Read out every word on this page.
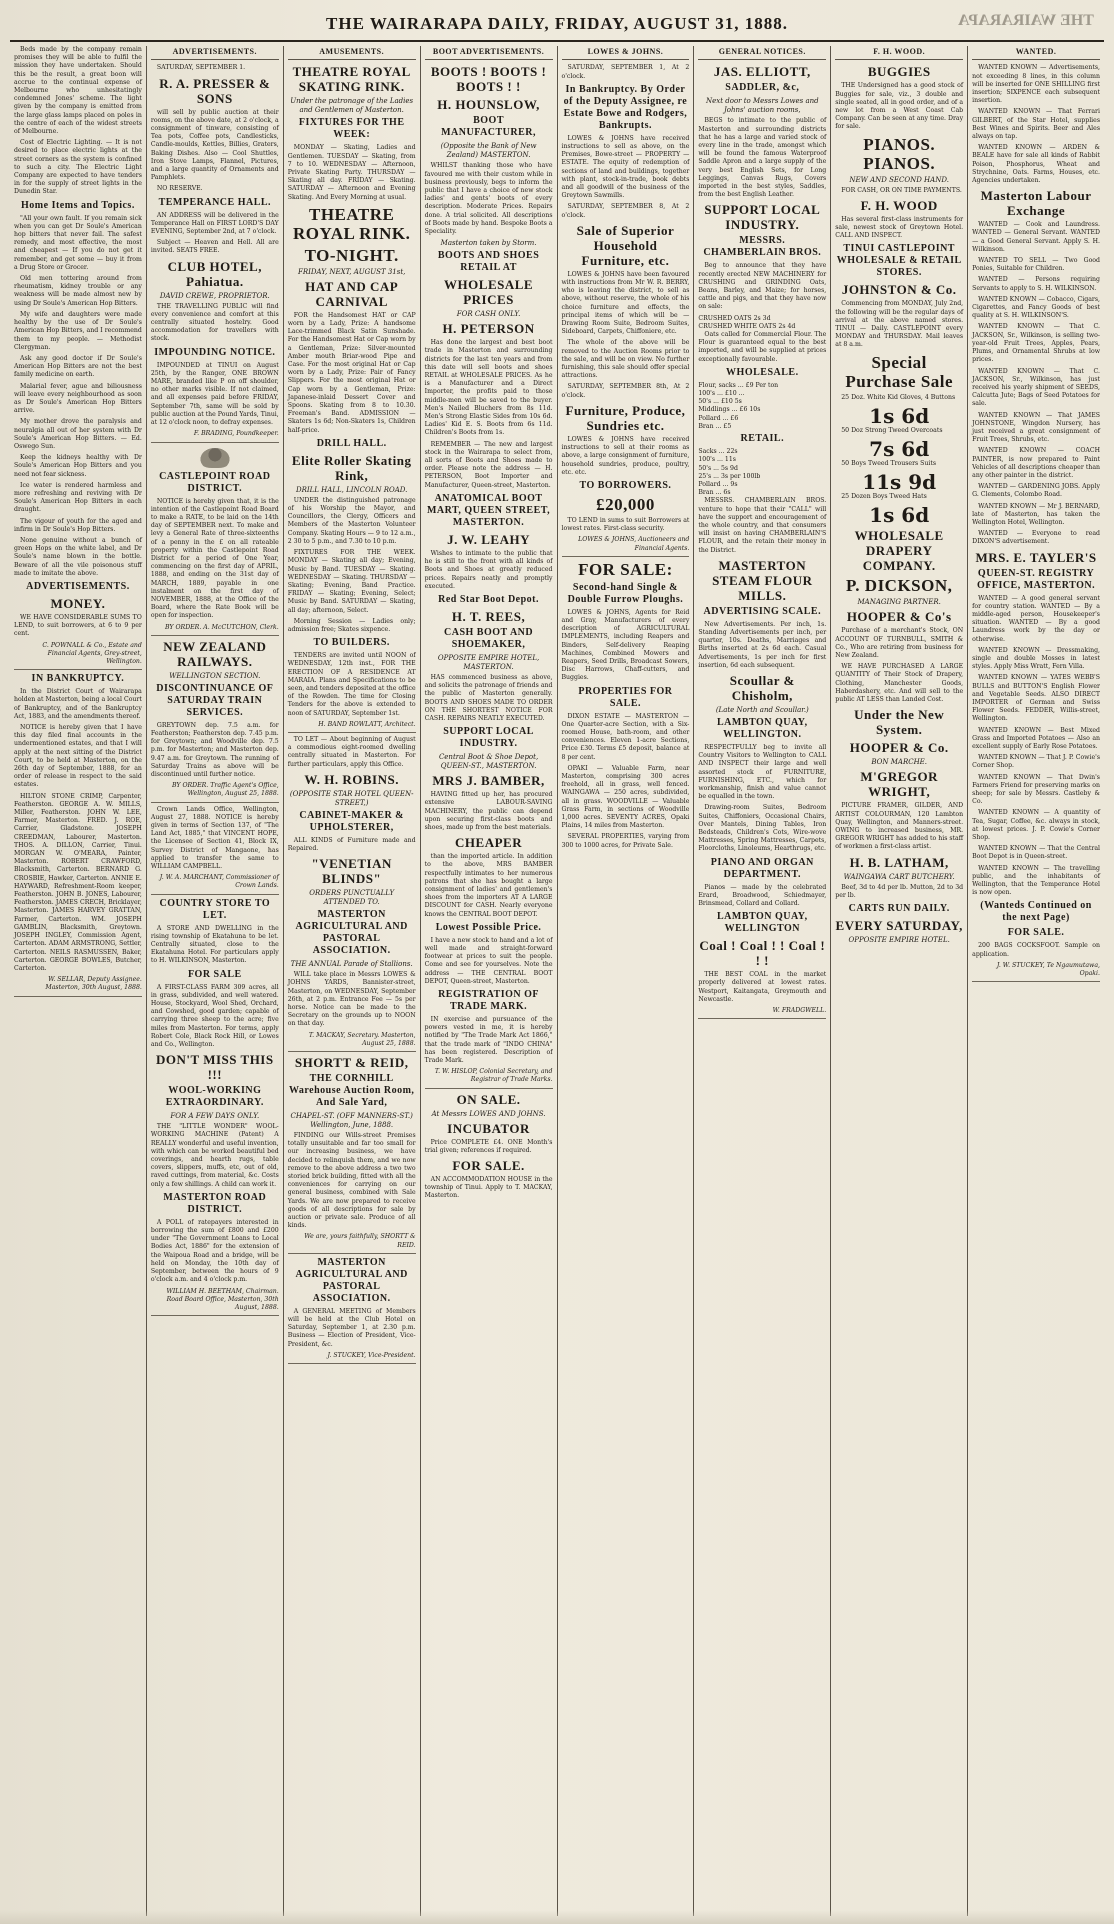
THE WAIRARAPA DAILY, FRIDAY, AUGUST 31, 1888.	THE WAIRARAPA
Beds made by the company remain promises they will be able to fulfil the mission they have undertaken. Should this be the result, a great boon will accrue to the continual expense of Melbourne who unhesitatingly condemned Jones' scheme. The light given by the company is emitted from the large glass lamps placed on poles in the centre of each of the widest streets of Melbourne.
Cost of Electric Lighting. — It is not desired to place electric lights at the street corners as the system is confined to such a city. The Electric Light Company are expected to have tenders in for the supply of street lights in the Dunedin Star.
Home Items and Topics.
"All your own fault. If you remain sick when you can get Dr Soule's American hop bitters that never fail. The safest remedy, and most effective, the most and cheapest — If you do not get it remember, and get some — buy it from a Drug Store or Grocer.
Old men tottering around from rheumatism, kidney trouble or any weakness will be made almost new by using Dr Soule's American Hop Bitters.
My wife and daughters were made healthy by the use of Dr Soule's American Hop Bitters, and I recommend them to my people. — Methodist Clergyman.
Ask any good doctor if Dr Soule's American Hop Bitters are not the best family medicine on earth.
Malarial fever, ague and biliousness will leave every neighbourhood as soon as Dr Soule's American Hop Bitters arrive.
My mother drove the paralysis and neuralgia all out of her system with Dr Soule's American Hop Bitters. — Ed. Oswego Sun.
Keep the kidneys healthy with Dr Soule's American Hop Bitters and you need not fear sickness.
Ice water is rendered harmless and more refreshing and reviving with Dr Soule's American Hop Bitters in each draught.
The vigour of youth for the aged and infirm in Dr Soule's Hop Bitters.
None genuine without a bunch of green Hops on the white label, and Dr Soule's name blown in the bottle. Beware of all the vile poisonous stuff made to imitate the above.
ADVERTISEMENTS.
MONEY.
WE HAVE CONSIDERABLE SUMS TO LEND, to suit borrowers, at 6 to 9 per cent.
C. POWNALL & Co., Estate and Financial Agents, Grey-street, Wellington.
IN BANKRUPTCY.
In the District Court of Wairarapa holden at Masterton, being a local Court of Bankruptcy, and of the Bankruptcy Act, 1883, and the amendments thereof.
NOTICE is hereby given that I have this day filed final accounts in the undermentioned estates, and that I will apply at the next sitting of the District Court, to be held at Masterton, on the 26th day of September, 1888, for an order of release in respect to the said estates.
HILTON STONE CRIMP, Carpenter, Featherston. GEORGE A. W. MILLS, Miller, Featherston. JOHN W. LEE, Farmer, Masterton. FRED. J. ROE, Carrier, Gladstone. JOSEPH CREEDMAN, Labourer, Masterton. THOS. A. DILLON, Carrier, Tinui. MORGAN W. O'MEARA, Painter, Masterton. ROBERT CRAWFORD, Blacksmith, Carterton. BERNARD G. CROSBIE, Hawker, Carterton. ANNIE E. HAYWARD, Refreshment-Room keeper, Featherston. JOHN B. JONES, Labourer, Featherston. JAMES CRECH, Bricklayer, Masterton. JAMES HARVEY GRATTAN, Farmer, Carterton. WM. JOSEPH GAMBLIN, Blacksmith, Greytown. JOSEPH INGLEY, Commission Agent, Carterton. ADAM ARMSTRONG, Settler, Carterton. NEILS RASMUSSEN, Baker, Carterton. GEORGE BOWLES, Butcher, Carterton.
W. SELLAR, Deputy Assignee. Masterton, 30th August, 1888.
ADVERTISEMENTS.
SATURDAY, SEPTEMBER 1.
R. A. PRESSER & SONS
will sell by public auction at their rooms, on the above date, at 2 o'clock, a consignment of tinware, consisting of Tea pots, Coffee pots, Candlesticks, Candle-moulds, Kettles, Billies, Graters, Baking Dishes. Also — Cool Shuttles, Iron Stove Lamps, Flannel, Pictures, and a large quantity of Ornaments and Pamphlets.
NO RESERVE.
TEMPERANCE HALL.
AN ADDRESS will be delivered in the Temperance Hall on FIRST LORD'S DAY EVENING, September 2nd, at 7 o'clock.
Subject — Heaven and Hell. All are invited. SEATS FREE.
CLUB HOTEL, Pahiatua.
DAVID CREWE, PROPRIETOR.
THE TRAVELLING PUBLIC will find every convenience and comfort at this centrally situated hostelry. Good accommodation for travellers with stock.
IMPOUNDING NOTICE.
IMPOUNDED at TINUI on August 25th, by the Ranger, ONE BROWN MARE, branded like P on off shoulder, no other marks visible. If not claimed, and all expenses paid before FRIDAY, September 7th, same will be sold by public auction at the Pound Yards, Tinui, at 12 o'clock noon, to defray expenses.
F. BRADING, Poundkeeper.
CASTLEPOINT ROAD DISTRICT.
NOTICE is hereby given that, it is the intention of the Castlepoint Road Board to make a RATE, to be laid on the 14th day of SEPTEMBER next. To make and levy a General Rate of three-sixteenths of a penny in the £ on all rateable property within the Castlepoint Road District for a period of One Year, commencing on the first day of APRIL, 1888, and ending on the 31st day of MARCH, 1889, payable in one instalment on the first day of NOVEMBER, 1888, at the Office of the Board, where the Rate Book will be open for inspection.
BY ORDER. A. McCUTCHON, Clerk.
NEW ZEALAND RAILWAYS.
WELLINGTON SECTION.
DISCONTINUANCE OF SATURDAY TRAIN SERVICES.
GREYTOWN dep. 7.5 a.m. for Featherston; Featherston dep. 7.45 p.m. for Greytown; and Woodville dep. 7.5 p.m. for Masterton; and Masterton dep. 9.47 a.m. for Greytown. The running of Saturday Trains as above will be discontinued until further notice.
BY ORDER. Traffic Agent's Office, Wellington, August 25, 1888.
Crown Lands Office, Wellington, August 27, 1888. NOTICE is hereby given in terms of Section 137, of "The Land Act, 1885," that VINCENT HOPE, the Licensee of Section 41, Block IX, Survey District of Mangaone, has applied to transfer the same to WILLIAM CAMPBELL.
J. W. A. MARCHANT, Commissioner of Crown Lands.
COUNTRY STORE TO LET.
A STORE AND DWELLING in the rising township of Ekatahuna to be let. Centrally situated, close to the Ekatahuna Hotel. For particulars apply to H. WILKINSON, Masterton.
FOR SALE
A FIRST-CLASS FARM 309 acres, all in grass, subdivided, and well watered. House, Stockyard, Wool Shed, Orchard, and Cowshed, good garden; capable of carrying three sheep to the acre; five miles from Masterton. For terms, apply Robert Cole, Black Rock Hill, or Lowes and Co., Wellington.
DON'T MISS THIS !!!
WOOL-WORKING EXTRAORDINARY.
FOR A FEW DAYS ONLY.
THE "LITTLE WONDER" WOOL-WORKING MACHINE (Patent) A REALLY wonderful and useful invention, with which can be worked beautiful bed coverings, and hearth rugs, table covers, slippers, muffs, etc, out of old, raved cuttings, from material, &c. Costs only a few shillings. A child can work it.
MASTERTON ROAD DISTRICT.
A POLL of ratepayers interested in borrowing the sum of £800 and £200 under "The Government Loans to Local Bodies Act, 1886" for the extension of the Waipoua Road and a bridge, will be held on Monday, the 10th day of September, between the hours of 9 o'clock a.m. and 4 o'clock p.m.
WILLIAM H. BEETHAM, Chairman. Road Board Office, Masterton, 30th August, 1888.
AMUSEMENTS.
THEATRE ROYAL SKATING RINK.
Under the patronage of the Ladies and Gentlemen of Masterton.
FIXTURES FOR THE WEEK:
MONDAY — Skating, Ladies and Gentlemen. TUESDAY — Skating, from 7 to 10. WEDNESDAY — Afternoon, Private Skating Party. THURSDAY — Skating all day. FRIDAY — Skating. SATURDAY — Afternoon and Evening Skating. And Every Morning at usual.
THEATRE ROYAL RINK.
TO-NIGHT.
FRIDAY, NEXT, AUGUST 31st,
HAT AND CAP CARNIVAL
FOR the Handsomest HAT or CAP worn by a Lady, Prize: A handsome Lace-trimmed Black Satin Sunshade. For the Handsomest Hat or Cap worn by a Gentleman, Prize: Silver-mounted Amber mouth Briar-wood Pipe and Case. For the most original Hat or Cap worn by a Lady, Prize: Pair of Fancy Slippers. For the most original Hat or Cap worn by a Gentleman, Prize: Japanese-inlaid Dessert Cover and Spoons. Skating from 8 to 10.30. Freeman's Band. ADMISSION — Skaters 1s 6d; Non-Skaters 1s, Children half-price.
DRILL HALL.
Elite Roller Skating Rink,
DRILL HALL, LINCOLN ROAD.
UNDER the distinguished patronage of his Worship the Mayor, and Councillors, the Clergy, Officers and Members of the Masterton Volunteer Company. Skating Hours — 9 to 12 a.m., 2 30 to 5 p.m., and 7.30 to 10 p.m.
FIXTURES FOR THE WEEK. MONDAY — Skating all day; Evening, Music by Band. TUESDAY — Skating. WEDNESDAY — Skating. THURSDAY — Skating; Evening, Band Practice. FRIDAY — Skating; Evening, Select; Music by Band. SATURDAY — Skating, all day; afternoon, Select.
Morning Session — Ladies only; admission free; Skates sixpence.
TO BUILDERS.
TENDERS are invited until NOON of WEDNESDAY, 12th inst., FOR THE ERECTION OF A RESIDENCE AT MARAIA. Plans and Specifications to be seen, and tenders deposited at the office of the Rowden. The time for Closing Tenders for the above is extended to noon of SATURDAY, September 1st.
H. BAND ROWLATT, Architect.
TO LET — About beginning of August a commodious eight-roomed dwelling centrally situated in Masterton. For further particulars, apply this Office.
W. H. ROBINS.
(OPPOSITE STAR HOTEL QUEEN-STREET,)
CABINET-MAKER & UPHOLSTERER,
ALL KINDS of Furniture made and Repaired.
"VENETIAN BLINDS"
ORDERS PUNCTUALLY ATTENDED TO.
MASTERTON AGRICULTURAL AND PASTORAL ASSOCIATION.
THE ANNUAL Parade of Stallions.
WILL take place in Messrs LOWES & JOHNS YARDS, Bannister-street, Masterton, on WEDNESDAY, September 26th, at 2 p.m. Entrance Fee — 5s per horse. Notice can be made to the Secretary on the grounds up to NOON on that day.
T. MACKAY, Secretary. Masterton, August 25, 1888.
SHORTT & REID,
THE CORNHILL Warehouse Auction Room, And Sale Yard,
CHAPEL-ST. (OFF MANNERS-ST.) Wellington, June, 1888.
FINDING our Wills-street Premises totally unsuitable and far too small for our increasing business, we have decided to relinquish them, and we now remove to the above address a two two storied brick building, fitted with all the conveniences for carrying on our general business, combined with Sale Yards. We are now prepared to receive goods of all descriptions for sale by auction or private sale. Produce of all kinds.
We are, yours faithfully, SHORTT & REID.
MASTERTON AGRICULTURAL AND PASTORAL ASSOCIATION.
A GENERAL MEETING of Members will be held at the Club Hotel on Saturday, September 1, at 2.30 p.m. Business — Election of President, Vice-President, &c.
J. STUCKEY, Vice-President.
BOOT ADVERTISEMENTS.
BOOTS ! BOOTS ! BOOTS ! !
H. HOUNSLOW,
BOOT MANUFACTURER,
(Opposite the Bank of New Zealand) MASTERTON.
WHILST thanking those who have favoured me with their custom while in business previously, begs to inform the public that I have a choice of new stock ladies' and gents' boots of every description. Moderate Prices. Repairs done. A trial solicited. All descriptions of Boots made by hand. Bespoke Boots a Speciality.
Masterton taken by Storm.
BOOTS AND SHOES RETAIL AT
WHOLESALE PRICES
FOR CASH ONLY.
H. PETERSON
Has done the largest and best boot trade in Masterton and surrounding districts for the last ten years and from this date will sell boots and shoes RETAIL at WHOLESALE PRICES. As he is a Manufacturer and a Direct Importer, the profits paid to those middle-men will be saved to the buyer. Men's Nailed Bluchers from 8s 11d. Men's Strong Elastic Sides from 10s 6d. Ladies' Kid E. S. Boots from 6s 11d. Children's Boots from 1s.
REMEMBER — The new and largest stock in the Wairarapa to select from, all sorts of Boots and Shoes made to order. Please note the address — H. PETERSON, Boot Importer and Manufacturer, Queen-street, Masterton.
ANATOMICAL BOOT MART, QUEEN STREET, MASTERTON.
J. W. LEAHY
Wishes to intimate to the public that he is still to the front with all kinds of Boots and Shoes at greatly reduced prices. Repairs neatly and promptly executed.
Red Star Boot Depot.
H. T. REES,
CASH BOOT AND SHOEMAKER,
OPPOSITE EMPIRE HOTEL, MASTERTON.
HAS commenced business as above, and solicits the patronage of friends and the public of Masterton generally. BOOTS AND SHOES MADE TO ORDER ON THE SHORTEST NOTICE FOR CASH. REPAIRS NEATLY EXECUTED.
SUPPORT LOCAL INDUSTRY.
Central Boot & Shoe Depot, QUEEN-ST., MASTERTON.
MRS J. BAMBER,
HAVING fitted up her, has procured extensive LABOUR-SAVING MACHINERY, the public can depend upon securing first-class boots and shoes, made up from the best materials.
CHEAPER
than the imported article. In addition to the above, MRS BAMBER respectfully intimates to her numerous patrons that she has bought a large consignment of ladies' and gentlemen's shoes from the importers AT A LARGE DISCOUNT for CASH. Nearly everyone knows the CENTRAL BOOT DEPOT.
Lowest Possible Price.
I have a new stock to hand and a lot of well made and straight-forward footwear at prices to suit the people. Come and see for yourselves. Note the address — THE CENTRAL BOOT DEPOT, Queen-street, Masterton.
REGISTRATION OF TRADE MARK.
IN exercise and pursuance of the powers vested in me, it is hereby notified by "The Trade Mark Act 1866," that the trade mark of "INDO CHINA" has been registered. Description of Trade Mark.
T. W. HISLOP, Colonial Secretary, and Registrar of Trade Marks.
ON SALE.
At Messrs LOWES AND JOHNS.
INCUBATOR
Price COMPLETE £4. ONE Month's trial given; references if required.
FOR SALE.
AN ACCOMMODATION HOUSE in the township of Tinui. Apply to T. MACKAY, Masterton.
LOWES & JOHNS.
SATURDAY, SEPTEMBER 1, At 2 o'clock.
In Bankruptcy. By Order of the Deputy Assignee, re Estate Bowe and Rodgers, Bankrupts.
LOWES & JOHNS have received instructions to sell as above, on the Premises, Bowe-street — PROPERTY — ESTATE. The equity of redemption of sections of land and buildings, together with plant, stock-in-trade, book debts and all goodwill of the business of the Greytown Sawmills.
SATURDAY, SEPTEMBER 8, At 2 o'clock.
Sale of Superior Household Furniture, etc.
LOWES & JOHNS have been favoured with instructions from Mr W. R. BERRY, who is leaving the district, to sell as above, without reserve, the whole of his choice furniture and effects, the principal items of which will be — Drawing Room Suite, Bedroom Suites, Sideboard, Carpets, Chiffoniere, etc.
The whole of the above will be removed to the Auction Rooms prior to the sale, and will be on view. No further furnishing, this sale should offer special attractions.
SATURDAY, SEPTEMBER 8th, At 2 o'clock.
Furniture, Produce, Sundries etc.
LOWES & JOHNS have received instructions to sell at their rooms as above, a large consignment of furniture, household sundries, produce, poultry, etc. etc.
TO BORROWERS.
£20,000
TO LEND in sums to suit Borrowers at lowest rates. First-class security.
LOWES & JOHNS, Auctioneers and Financial Agents.
FOR SALE:
Second-hand Single & Double Furrow Ploughs.
LOWES & JOHNS, Agents for Reid and Gray, Manufacturers of every description of AGRICULTURAL IMPLEMENTS, including Reapers and Binders, Self-delivery Reaping Machines, Combined Mowers and Reapers, Seed Drills, Broadcast Sowers, Disc Harrows, Chaff-cutters, and Buggies.
PROPERTIES FOR SALE.
DIXON ESTATE — MASTERTON — One Quarter-acre Section, with a Six-roomed House, bath-room, and other conveniences. Eleven 1-acre Sections, Price £30. Terms £5 deposit, balance at 8 per cent.
OPAKI — Valuable Farm, near Masterton, comprising 300 acres freehold, all in grass, well fenced. WAINGAWA — 250 acres, subdivided, all in grass. WOODVILLE — Valuable Grass Farm, in sections of Woodville 1,000 acres. SEVENTY ACRES, Opaki Plains, 14 miles from Masterton.
SEVERAL PROPERTIES, varying from 300 to 1000 acres, for Private Sale.
GENERAL NOTICES.
JAS. ELLIOTT,
SADDLER, &c,
Next door to Messrs Lowes and Johns' auction rooms,
BEGS to intimate to the public of Masterton and surrounding districts that he has a large and varied stock of every line in the trade, amongst which will be found the famous Waterproof Saddle Apron and a large supply of the very best English Sets, for Long Leggings, Canvas Rugs, Covers imported in the best styles, Saddles, from the best English Leather.
SUPPORT LOCAL INDUSTRY.
MESSRS. CHAMBERLAIN BROS.
Beg to announce that they have recently erected NEW MACHINERY for CRUSHING and GRINDING Oats, Beans, Barley, and Maize; for horses, cattle and pigs, and that they have now on sale:
CRUSHED OATS 2s 3d
CRUSHED WHITE OATS 2s 4d
Oats called for Commercial Flour. The Flour is guaranteed equal to the best imported, and will be supplied at prices exceptionally favourable.
WHOLESALE.
Flour, sacks ... £9 Per ton
100's ... £10 ...
50's ... £10 5s
Middlings ... £6 10s
Pollard ... £6
Bran ... £5
RETAIL.
Sacks ... 22s
100's ... 11s
50's ... 5s 9d
25's ... 3s per 100lb
Pollard ... 9s
Bran ... 6s
MESSRS. CHAMBERLAIN BROS. venture to hope that their "CALL" will have the support and encouragement of the whole country, and that consumers will insist on having CHAMBERLAIN'S FLOUR, and the retain their money in the District.
MASTERTON STEAM FLOUR MILLS.
ADVERTISING SCALE.
New Advertisements. Per inch, 1s. Standing Advertisements per inch, per quarter, 10s. Deaths, Marriages and Births inserted at 2s 6d each. Casual Advertisements, 1s per inch for first insertion, 6d each subsequent.
Scoullar & Chisholm,
(Late North and Scoullar.)
LAMBTON QUAY, WELLINGTON.
RESPECTFULLY beg to invite all Country Visitors to Wellington to CALL AND INSPECT their large and well assorted stock of FURNITURE, FURNISHING, ETC., which for workmanship, finish and value cannot be equalled in the town.
Drawing-room Suites, Bedroom Suites, Chiffoniers, Occasional Chairs, Over Mantels, Dining Tables, Iron Bedsteads, Children's Cots, Wire-wove Mattresses, Spring Mattresses, Carpets, Floorcloths, Linoleums, Hearthrugs, etc.
PIANO AND ORGAN DEPARTMENT.
Pianos — made by the celebrated Erard, Broadwood, Schiedmayer, Brinsmead, Collard and Collard.
LAMBTON QUAY, WELLINGTON
Coal ! Coal ! ! Coal ! ! !
THE BEST COAL in the market properly delivered at lowest rates. Westport, Kaitangata, Greymouth and Newcastle.
W. FRADGWELL.
F. H. WOOD.
BUGGIES
THE Undersigned has a good stock of Buggies for sale, viz., 3 double and single seated, all in good order, and of a new lot from a West Coast Cab Company. Can be seen at any time. Dray for sale.
PIANOS. PIANOS.
NEW AND SECOND HAND.
FOR CASH, OR ON TIME PAYMENTS.
F. H. WOOD
Has several first-class instruments for sale, newest stock of Greytown Hotel. CALL AND INSPECT.
TINUI CASTLEPOINT WHOLESALE & RETAIL STORES.
JOHNSTON & Co.
Commencing from MONDAY, July 2nd, the following will be the regular days of arrival at the above named stores. TINUI — Daily. CASTLEPOINT every MONDAY and THURSDAY. Mail leaves at 8 a.m.
Special Purchase Sale
25 Doz. White Kid Gloves, 4 Buttons
1s 6d
50 Doz Strong Tweed Overcoats
7s 6d
50 Boys Tweed Trousers Suits
11s 9d
25 Dozen Boys Tweed Hats
1s 6d
WHOLESALE DRAPERY COMPANY.
P. DICKSON,
MANAGING PARTNER.
HOOPER & Co's
Purchase of a merchant's Stock, ON ACCOUNT OF TURNBULL, SMITH & Co., Who are retiring from business for New Zealand.
WE HAVE PURCHASED A LARGE QUANTITY of Their Stock of Drapery, Clothing, Manchester Goods, Haberdashery, etc. And will sell to the public AT LESS than Landed Cost.
Under the New System.
HOOPER & Co.
BON MARCHE.
M'GREGOR WRIGHT,
PICTURE FRAMER, GILDER, AND ARTIST COLOURMAN, 120 Lambton Quay, Wellington, and Manners-street. OWING to increased business, MR. GREGOR WRIGHT has added to his staff of workmen a first-class artist.
H. B. LATHAM,
WAINGAWA CART BUTCHERY.
Beef, 3d to 4d per lb. Mutton, 2d to 3d per lb.
CARTS RUN DAILY.
EVERY SATURDAY,
OPPOSITE EMPIRE HOTEL.
WANTED.
WANTED KNOWN — Advertisements, not exceeding 8 lines, in this column will be inserted for ONE SHILLING first insertion; SIXPENCE each subsequent insertion.
WANTED KNOWN — That Ferrari GILBERT, of the Star Hotel, supplies Best Wines and Spirits. Beer and Ales always on tap.
WANTED KNOWN — ARDEN & BEALE have for sale all kinds of Rabbit Poison, Phosphorus, Wheat and Strychnine, Oats. Farms, Houses, etc. Agencies undertaken.
Masterton Labour Exchange
WANTED — Cook and Laundress. WANTED — General Servant. WANTED — a Good General Servant. Apply S. H. Wilkinson.
WANTED TO SELL — Two Good Ponies, Suitable for Children.
WANTED — Persons requiring Servants to apply to S. H. WILKINSON.
WANTED KNOWN — Cobacco, Cigars, Cigarettes, and Fancy Goods of best quality at S. H. WILKINSON'S.
WANTED KNOWN — That C. JACKSON, Sr., Wilkinson, is selling two-year-old Fruit Trees, Apples, Pears, Plums, and Ornamental Shrubs at low prices.
WANTED KNOWN — That C. JACKSON, Sr., Wilkinson, has just received his yearly shipment of SEEDS, Calcutta Jute; Bags of Seed Potatoes for sale.
WANTED KNOWN — That JAMES JOHNSTONE, Wingdon Nursery, has just received a great consignment of Fruit Trees, Shrubs, etc.
WANTED KNOWN — COACH PAINTER, is now prepared to Paint Vehicles of all descriptions cheaper than any other painter in the district.
WANTED — GARDENING JOBS. Apply G. Clements, Colombo Road.
WANTED KNOWN — Mr J. BERNARD, late of Masterton, has taken the Wellington Hotel, Wellington.
WANTED — Everyone to read DIXON'S advertisement.
MRS. E. TAYLER'S
QUEEN-ST. REGISTRY OFFICE, MASTERTON.
WANTED — A good general servant for country station. WANTED — By a middle-aged person, Housekeeper's situation. WANTED — By a good Laundress work by the day or otherwise.
WANTED KNOWN — Dressmaking, single and double Mosses in latest styles. Apply Miss Wratt, Fern Villa.
WANTED KNOWN — YATES WEBB'S BULLS and BUTTON'S English Flower and Vegetable Seeds. ALSO DIRECT IMPORTER of German and Swiss Flower Seeds. FEDDER, Willis-street, Wellington.
WANTED KNOWN — Best Mixed Grass and Imported Potatoes — Also an excellent supply of Early Rose Potatoes.
WANTED KNOWN — That J. P. Cowie's Corner Shop.
WANTED KNOWN — That Dwin's Farmers Friend for preserving marks on sheep; for sale by Messrs. Castleby & Co.
WANTED KNOWN — A quantity of Tea, Sugar, Coffee, &c. always in stock, at lowest prices. J. P. Cowie's Corner Shop.
WANTED KNOWN — That the Central Boot Depot is in Queen-street.
WANTED KNOWN — The travelling public, and the inhabitants of Wellington, that the Temperance Hotel is now open.
(Wanteds Continued on the next Page)
FOR SALE.
200 BAGS COCKSFOOT. Sample on application.
J. W. STUCKEY, Te Ngaumutawa, Opaki.
